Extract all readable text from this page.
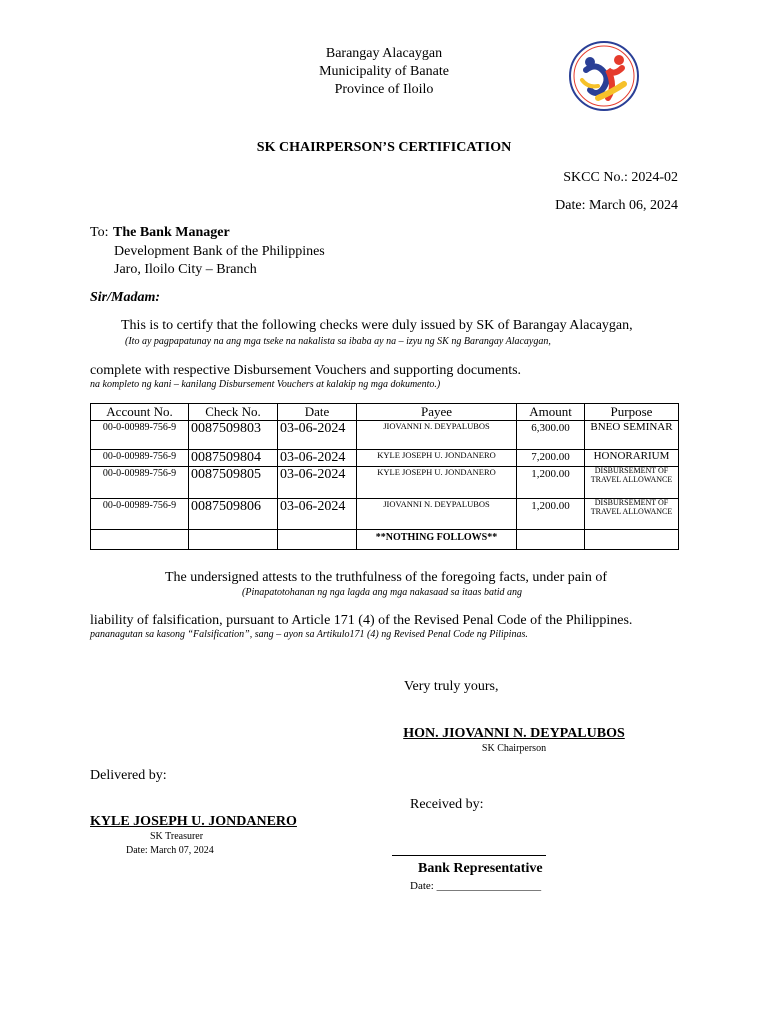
Barangay Alacaygan
Municipality of Banate
Province of Iloilo
SK CHAIRPERSON’S CERTIFICATION
SKCC No.: 2024-02
Date: March 06, 2024
To: The Bank Manager
Development Bank of the Philippines
Jaro, Iloilo City – Branch
Sir/Madam:
This is to certify that the following checks were duly issued by SK of Barangay Alacaygan,
(Ito ay pagpapatunay na ang mga tseke na nakalista sa ibaba ay na – izyu ng SK ng Barangay Alacaygan,
complete with respective Disbursement Vouchers and supporting documents.
na kompleto ng kani – kanilang Disbursement Vouchers at kalakip ng mga dokumento.)
Account No.	Check No.	Date	Payee	Amount	Purpose
00-0-00989-756-9	0087509803	03-06-2024	JIOVANNI N. DEYPALUBOS	6,300.00	BNEO SEMINAR
00-0-00989-756-9	0087509804	03-06-2024	KYLE JOSEPH U. JONDANERO	7,200.00	HONORARIUM
00-0-00989-756-9	0087509805	03-06-2024	KYLE JOSEPH U. JONDANERO	1,200.00	DISBURSEMENT OF TRAVEL ALLOWANCE
00-0-00989-756-9	0087509806	03-06-2024	JIOVANNI N. DEYPALUBOS	1,200.00	DISBURSEMENT OF TRAVEL ALLOWANCE
			**NOTHING FOLLOWS**		
The undersigned attests to the truthfulness of the foregoing facts, under pain of
(Pinapatotohanan ng nga lagda ang mga nakasaad sa itaas batid ang
liability of falsification, pursuant to Article 171 (4) of the Revised Penal Code of the Philippines.
pananagutan sa kasong “Falsification”, sang – ayon sa Artikulo171 (4) ng Revised Penal Code ng Pilipinas.
Very truly yours,
HON. JIOVANNI N. DEYPALUBOS
SK Chairperson
Delivered by:
KYLE JOSEPH U. JONDANERO
SK Treasurer
Date: March 07, 2024
Received by:
Bank Representative
Date: ___________________
